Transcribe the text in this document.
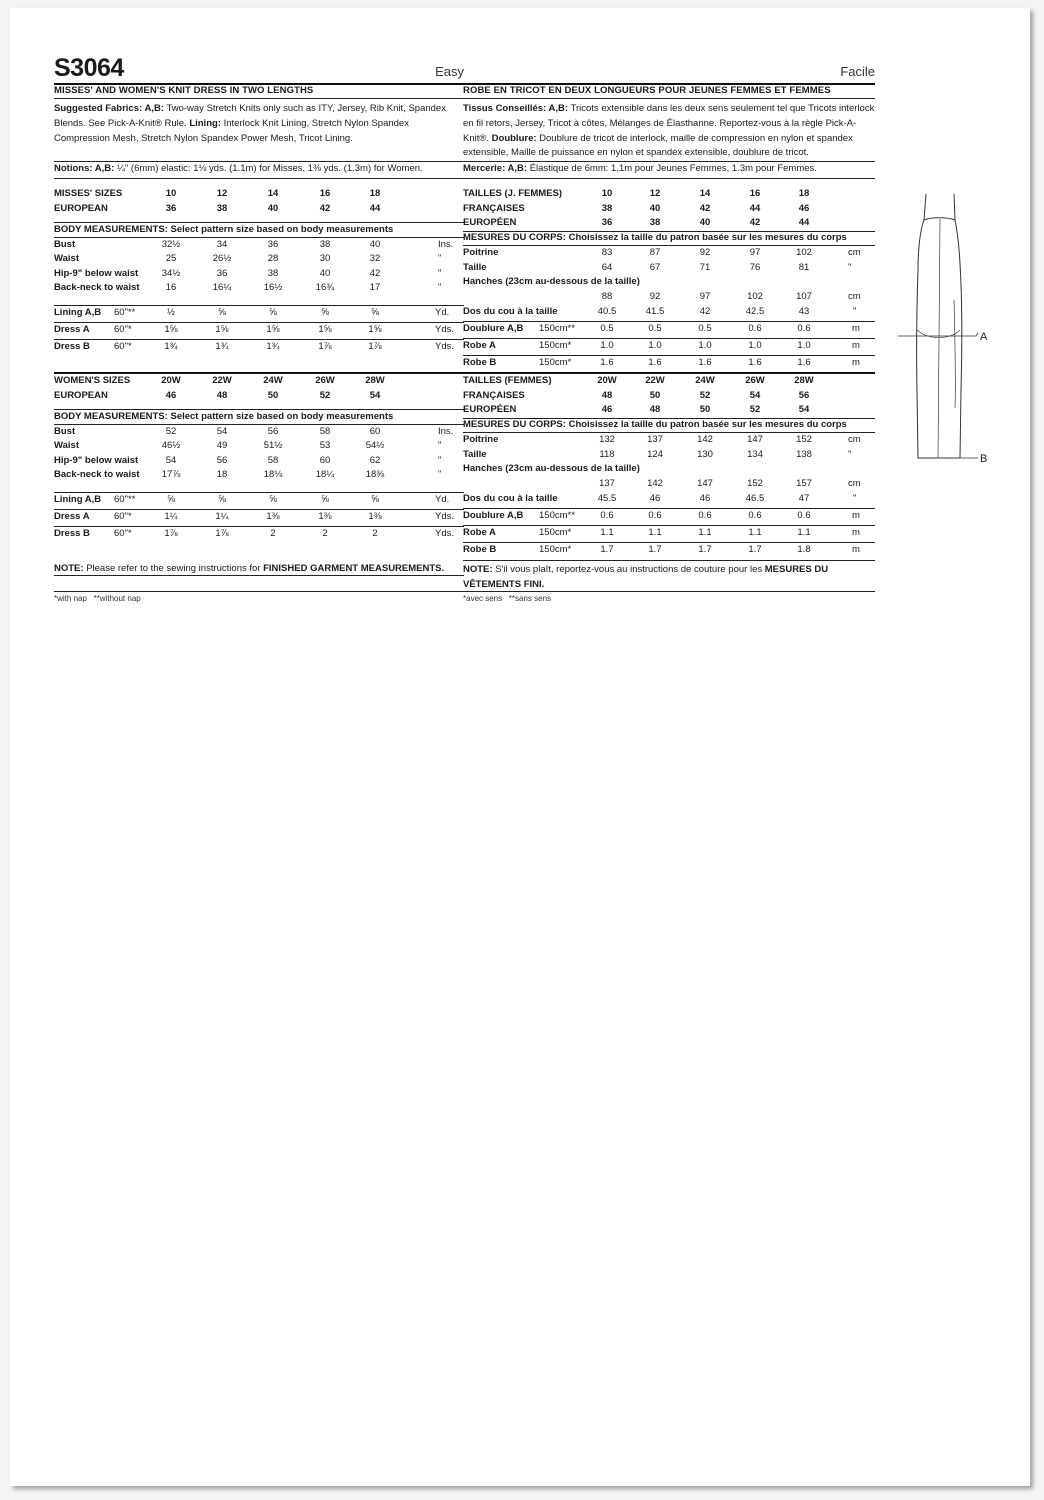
S3064	Easy
MISSES' AND WOMEN'S KNIT DRESS IN TWO LENGTHS
Suggested Fabrics: A,B: Two-way Stretch Knits only such as ITY, Jersey, Rib Knit, Spandex Blends. See Pick-A-Knit® Rule. Lining: Interlock Knit Lining, Stretch Nylon Spandex Compression Mesh, Stretch Nylon Spandex Power Mesh, Tricot Lining.
Notions: A,B: ¼" (6mm) elastic: 1⅛ yds. (1.1m) for Misses, 1⅜ yds. (1.3m) for Women.
MISSES' SIZES	10	12	14	16	18
EUROPEAN	36	38	40	42	44
BODY MEASUREMENTS: Select pattern size based on body measurements
Bust	32½	34	36	38	40	Ins.
Waist	25	26½	28	30	32	"
Hip-9" below waist	34½	36	38	40	42	"
Back-neck to waist	16	16¼	16½	16¾	17	"
Lining A,B 60"**	½	⅝	⅝	⅝	⅝	Yd.
Dress A	60"*	1⅝	1⅝	1⅝	1⅝	1⅝	Yds.
Dress B	60"*	1¾	1¾	1¾	1⅞	1⅞	Yds.
WOMEN'S SIZES	20W	22W	24W	26W	28W
EUROPEAN	46	48	50	52	54
BODY MEASUREMENTS: Select pattern size based on body measurements
Bust	52	54	56	58	60	Ins.
Waist	46½	49	51½	53	54½	"
Hip-9" below waist	54	56	58	60	62	"
Back-neck to waist	17⅞	18	18⅛	18¼	18⅜	"
Lining A,B 60"**	⅝	⅝	⅝	⅝	⅝	Yd.
Dress A	60"*	1¼	1¼	1⅜	1⅜	1⅜	Yds.
Dress B	60"*	1⅞	1⅞	2	2	2	Yds.
NOTE: Please refer to the sewing instructions for FINISHED GARMENT MEASUREMENTS.
*with nap   **without nap
Facile
ROBE EN TRICOT EN DEUX LONGUEURS POUR JEUNES FEMMES ET FEMMES
Tissus Conseillés: A,B: Tricots extensible dans les deux sens seulement tel que Tricots interlock en fil retors, Jersey, Tricot à côtes, Mélanges de Élasthanne. Reportez-vous à la règle Pick-A-Knit®. Doublure: Doublure de tricot de interlock, maille de compression en nylon et spandex extensible, Maille de puissance en nylon et spandex extensible, doublure de tricot.
Mercerie: A,B: Élastique de 6mm: 1.1m pour Jeunes Femmes, 1.3m pour Femmes.
TAILLES (J. FEMMES)	10	12	14	16	18
FRANÇAISES	38	40	42	44	46
EUROPÉEN	36	38	40	42	44
MESURES DU CORPS: Choisissez la taille du patron basée sur les mesures du corps
Poitrine	83	87	92	97	102	cm
Taille	64	67	71	76	81	"
Hanches (23cm au-dessous de la taille)
88	92	97	102	107	cm
Dos du cou à la taille	40.5	41.5	42	42.5	43	"
Doublure A,B 150cm**	0.5	0.5	0.5	0.6	0.6	m
Robe A	150cm*	1.0	1.0	1.0	1.0	1.0	m
Robe B	150cm*	1.6	1.6	1.6	1.6	1.6	m
TAILLES (FEMMES)	20W	22W	24W	26W	28W
FRANÇAISES	48	50	52	54	56
EUROPÉEN	46	48	50	52	54
MESURES DU CORPS: Choisissez la taille du patron basée sur les mesures du corps
Poitrine	132	137	142	147	152	cm
Taille	118	124	130	134	138	"
Hanches (23cm au-dessous de la taille)
137	142	147	152	157	cm
Dos du cou à la taille	45.5	46	46	46.5	47	"
Doublure A,B 150cm**	0.6	0.6	0.6	0.6	0.6	m
Robe A	150cm*	1.1	1.1	1.1	1.1	1.1	m
Robe B	150cm*	1.7	1.7	1.7	1.7	1.8	m
NOTE: S'il vous plaît, reportez-vous au instructions de couture pour les MESURES DU VÊTEMENTS FINI.
*avec sens   **sans sens
A
B
